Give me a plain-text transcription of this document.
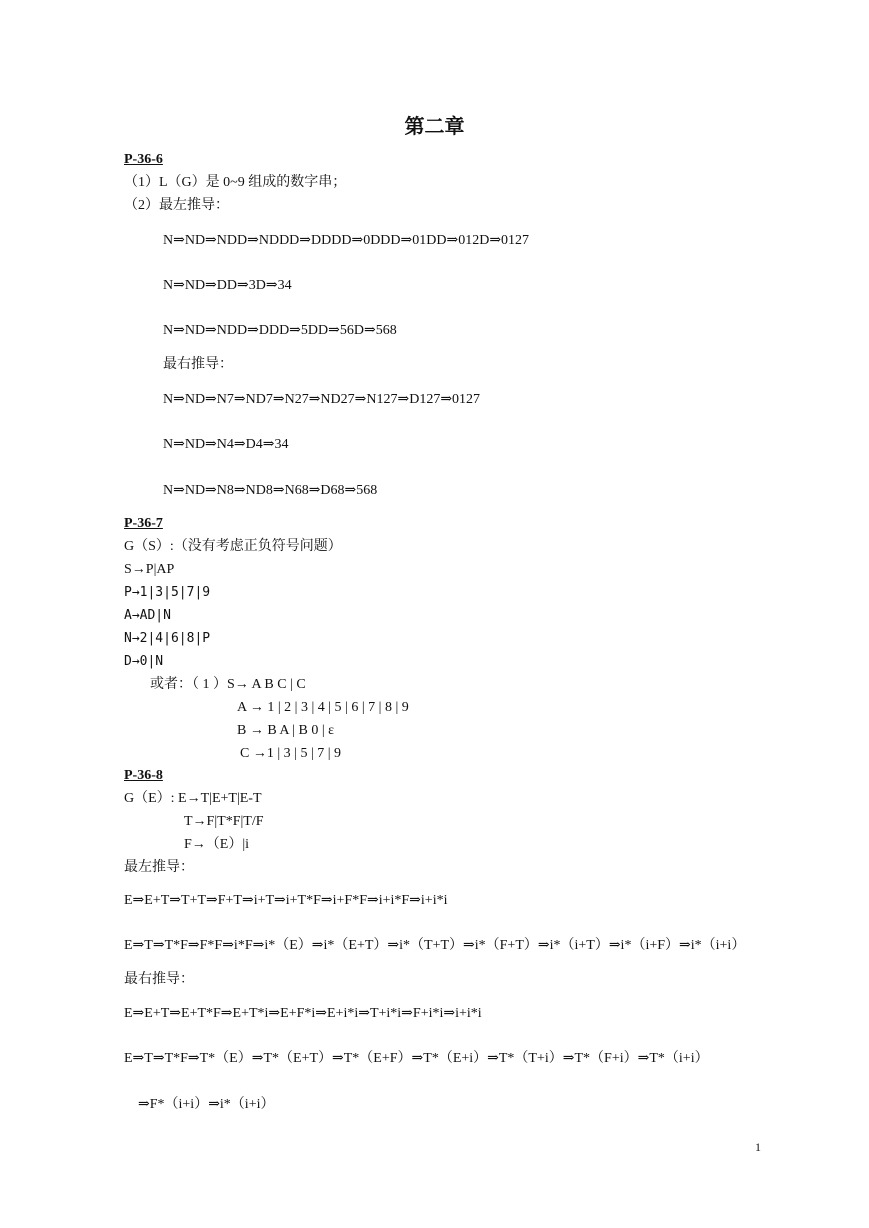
第二章
P-36-6
（1）L（G）是 0~9 组成的数字串；
（2）最左推导：
N⇒ND⇒NDD⇒NDDD⇒DDDD⇒0DDD⇒01DD⇒012D⇒0127
N⇒ND⇒DD⇒3D⇒34
N⇒ND⇒NDD⇒DDD⇒5DD⇒56D⇒568
最右推导：
N⇒ND⇒N7⇒ND7⇒N27⇒ND27⇒N127⇒D127⇒0127
N⇒ND⇒N4⇒D4⇒34
N⇒ND⇒N8⇒ND8⇒N68⇒D68⇒568
P-36-7
G（S）:（没有考虑正负符号问题）
S→P|AP
P→1|3|5|7|9
A→AD|N
N→2|4|6|8|P
D→0|N
或者：（ 1 ）S→ A B C | C
A → 1 | 2 | 3 | 4 | 5 | 6 | 7 | 8 | 9
B → B A | B 0 | ε
C →1 | 3 | 5 | 7 | 9
P-36-8
G（E）: E→T|E+T|E-T
T→F|T*F|T/F
F→（E）|i
最左推导：
E⇒E+T⇒T+T⇒F+T⇒i+T⇒i+T*F⇒i+F*F⇒i+i*F⇒i+i*i
E⇒T⇒T*F⇒F*F⇒i*F⇒i*（E）⇒i*（E+T）⇒i*（T+T）⇒i*（F+T）⇒i*（i+T）⇒i*（i+F）⇒i*（i+i）
最右推导：
E⇒E+T⇒E+T*F⇒E+T*i⇒E+F*i⇒E+i*i⇒T+i*i⇒F+i*i⇒i+i*i
E⇒T⇒T*F⇒T*（E）⇒T*（E+T）⇒T*（E+F）⇒T*（E+i）⇒T*（T+i）⇒T*（F+i）⇒T*（i+i）
⇒F*（i+i）⇒i*（i+i）
1
